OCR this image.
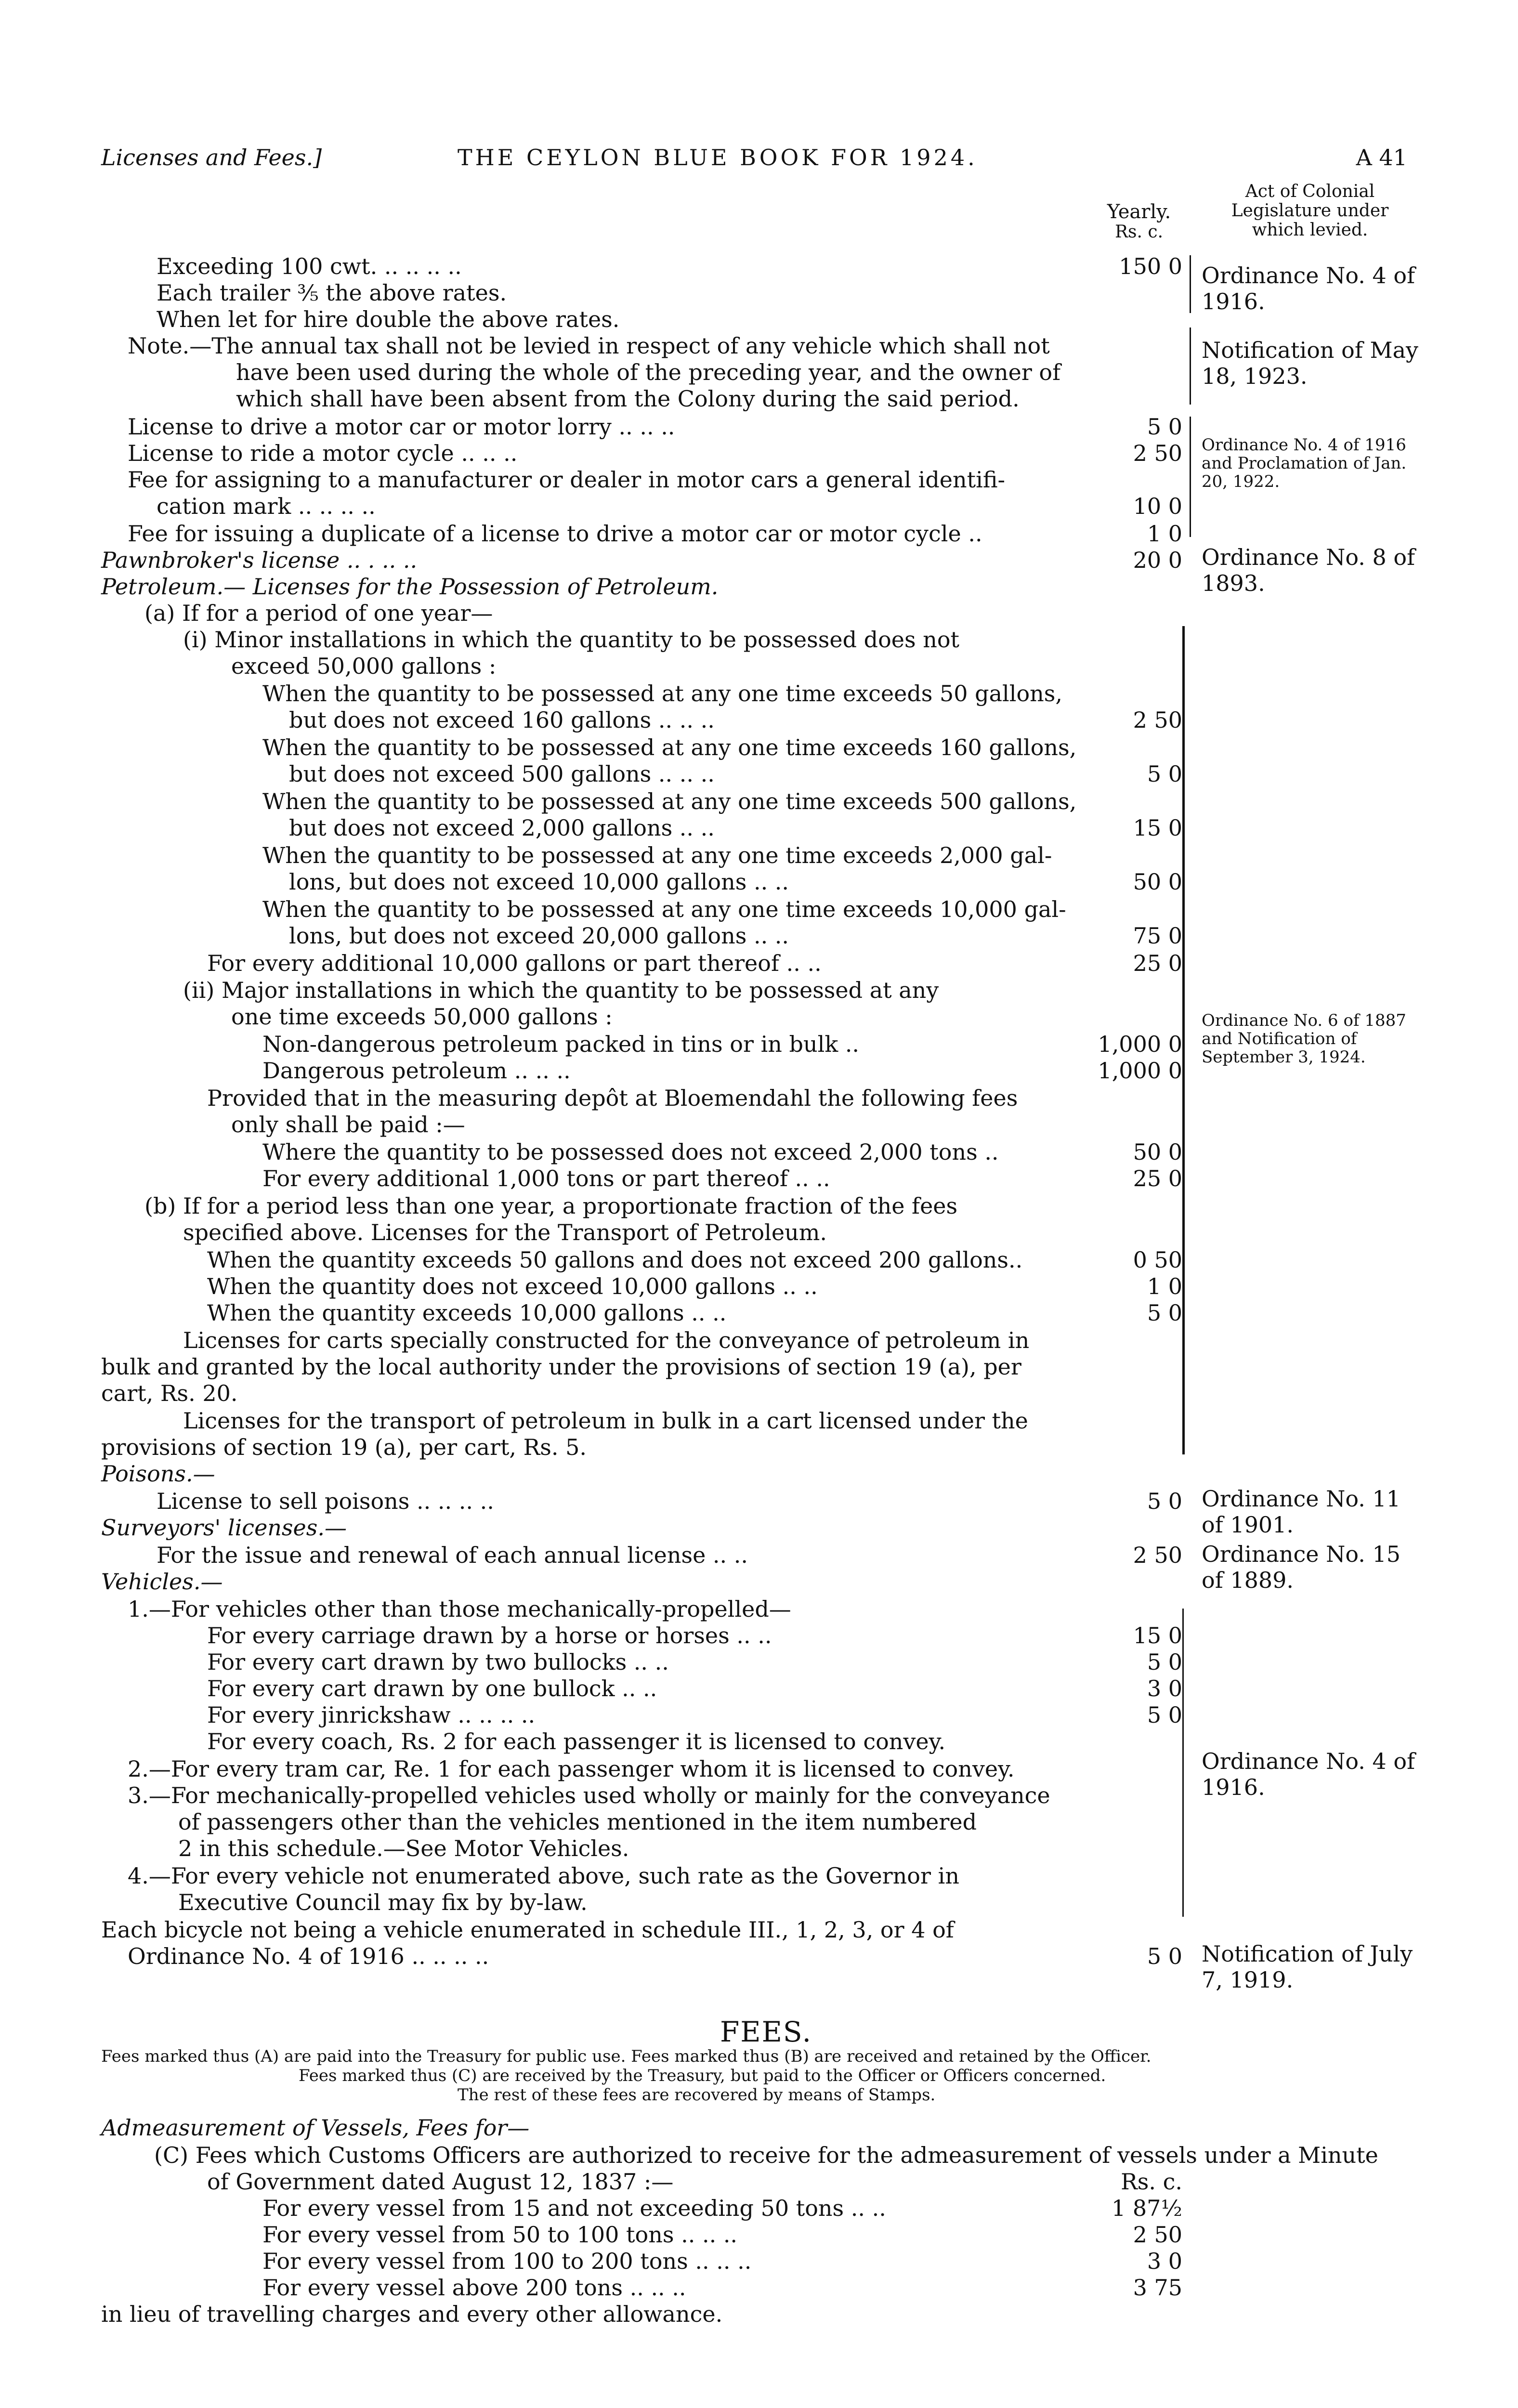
Licenses and Fees.]	THE CEYLON BLUE BOOK FOR 1924.	A 41
Yearly.
Rs. c.
Act of Colonial Legislature under which levied.
Exceeding 100 cwt. .. .. .. ..
Each trailer ⅗ the above rates.
When let for hire double the above rates.
Note.—The annual tax shall not be levied in respect of any vehicle which shall not
have been used during the whole of the preceding year, and the owner of
which shall have been absent from the Colony during the said period.
License to drive a motor car or motor lorry .. .. ..
License to ride a motor cycle .. .. ..
Fee for assigning to a manufacturer or dealer in motor cars a general identifi-
cation mark .. .. .. ..
Fee for issuing a duplicate of a license to drive a motor car or motor cycle ..
Pawnbroker's license .. . .. ..
Petroleum.— Licenses for the Possession of Petroleum.
(a) If for a period of one year—
(i) Minor installations in which the quantity to be possessed does not
exceed 50,000 gallons :
When the quantity to be possessed at any one time exceeds 50 gallons,
but does not exceed 160 gallons .. .. ..
When the quantity to be possessed at any one time exceeds 160 gallons,
but does not exceed 500 gallons .. .. ..
When the quantity to be possessed at any one time exceeds 500 gallons,
but does not exceed 2,000 gallons .. ..
When the quantity to be possessed at any one time exceeds 2,000 gal-
lons, but does not exceed 10,000 gallons .. ..
When the quantity to be possessed at any one time exceeds 10,000 gal-
lons, but does not exceed 20,000 gallons .. ..
For every additional 10,000 gallons or part thereof .. ..
(ii) Major installations in which the quantity to be possessed at any
one time exceeds 50,000 gallons :
Non-dangerous petroleum packed in tins or in bulk ..
Dangerous petroleum .. .. ..
Provided that in the measuring depôt at Bloemendahl the following fees
only shall be paid :—
Where the quantity to be possessed does not exceed 2,000 tons ..
For every additional 1,000 tons or part thereof .. ..
(b) If for a period less than one year, a proportionate fraction of the fees
specified above. Licenses for the Transport of Petroleum.
When the quantity exceeds 50 gallons and does not exceed 200 gallons..
When the quantity does not exceed 10,000 gallons .. ..
When the quantity exceeds 10,000 gallons .. ..
Licenses for carts specially constructed for the conveyance of petroleum in
bulk and granted by the local authority under the provisions of section 19 (a), per
cart, Rs. 20.
Licenses for the transport of petroleum in bulk in a cart licensed under the
provisions of section 19 (a), per cart, Rs. 5.
Poisons.—
License to sell poisons .. .. .. ..
Surveyors' licenses.—
For the issue and renewal of each annual license .. ..
Vehicles.—
1.—For vehicles other than those mechanically-propelled—
For every carriage drawn by a horse or horses .. ..
For every cart drawn by two bullocks .. ..
For every cart drawn by one bullock .. ..
For every jinrickshaw .. .. .. ..
For every coach, Rs. 2 for each passenger it is licensed to convey.
2.—For every tram car, Re. 1 for each passenger whom it is licensed to convey.
3.—For mechanically-propelled vehicles used wholly or mainly for the conveyance
of passengers other than the vehicles mentioned in the item numbered
2 in this schedule.—See Motor Vehicles.
4.—For every vehicle not enumerated above, such rate as the Governor in
Executive Council may fix by by-law.
Each bicycle not being a vehicle enumerated in schedule III., 1, 2, 3, or 4 of
Ordinance No. 4 of 1916 .. .. .. ..
Admeasurement of Vessels, Fees for—
(C) Fees which Customs Officers are authorized to receive for the admeasurement of vessels under a Minute
of Government dated August 12, 1837 :—
For every vessel from 15 and not exceeding 50 tons .. ..
For every vessel from 50 to 100 tons .. .. ..
For every vessel from 100 to 200 tons .. .. ..
For every vessel above 200 tons .. .. ..
in lieu of travelling charges and every other allowance.
150 0
5 0
2 50
10 0
1 0
20 0
2 50
5 0
15 0
50 0
75 0
25 0
1,000 0
1,000 0
50 0
25 0
0 50
1 0
5 0
5 0
2 50
15 0
5 0
3 0
5 0
5 0
Rs. c.
1 87½
2 50
3 0
3 75
Ordinance No. 4 of 1916.
Notification of May 18, 1923.
Ordinance No. 4 of 1916 and Proclamation of Jan. 20, 1922.
Ordinance No. 8 of 1893.
Ordinance No. 6 of 1887 and Notification of September 3, 1924.
Ordinance No. 11 of 1901.
Ordinance No. 15 of 1889.
Ordinance No. 4 of 1916.
Notification of July 7, 1919.
FEES.
Fees marked thus (A) are paid into the Treasury for public use. Fees marked thus (B) are received and retained by the Officer.
Fees marked thus (C) are received by the Treasury, but paid to the Officer or Officers concerned.
The rest of these fees are recovered by means of Stamps.
